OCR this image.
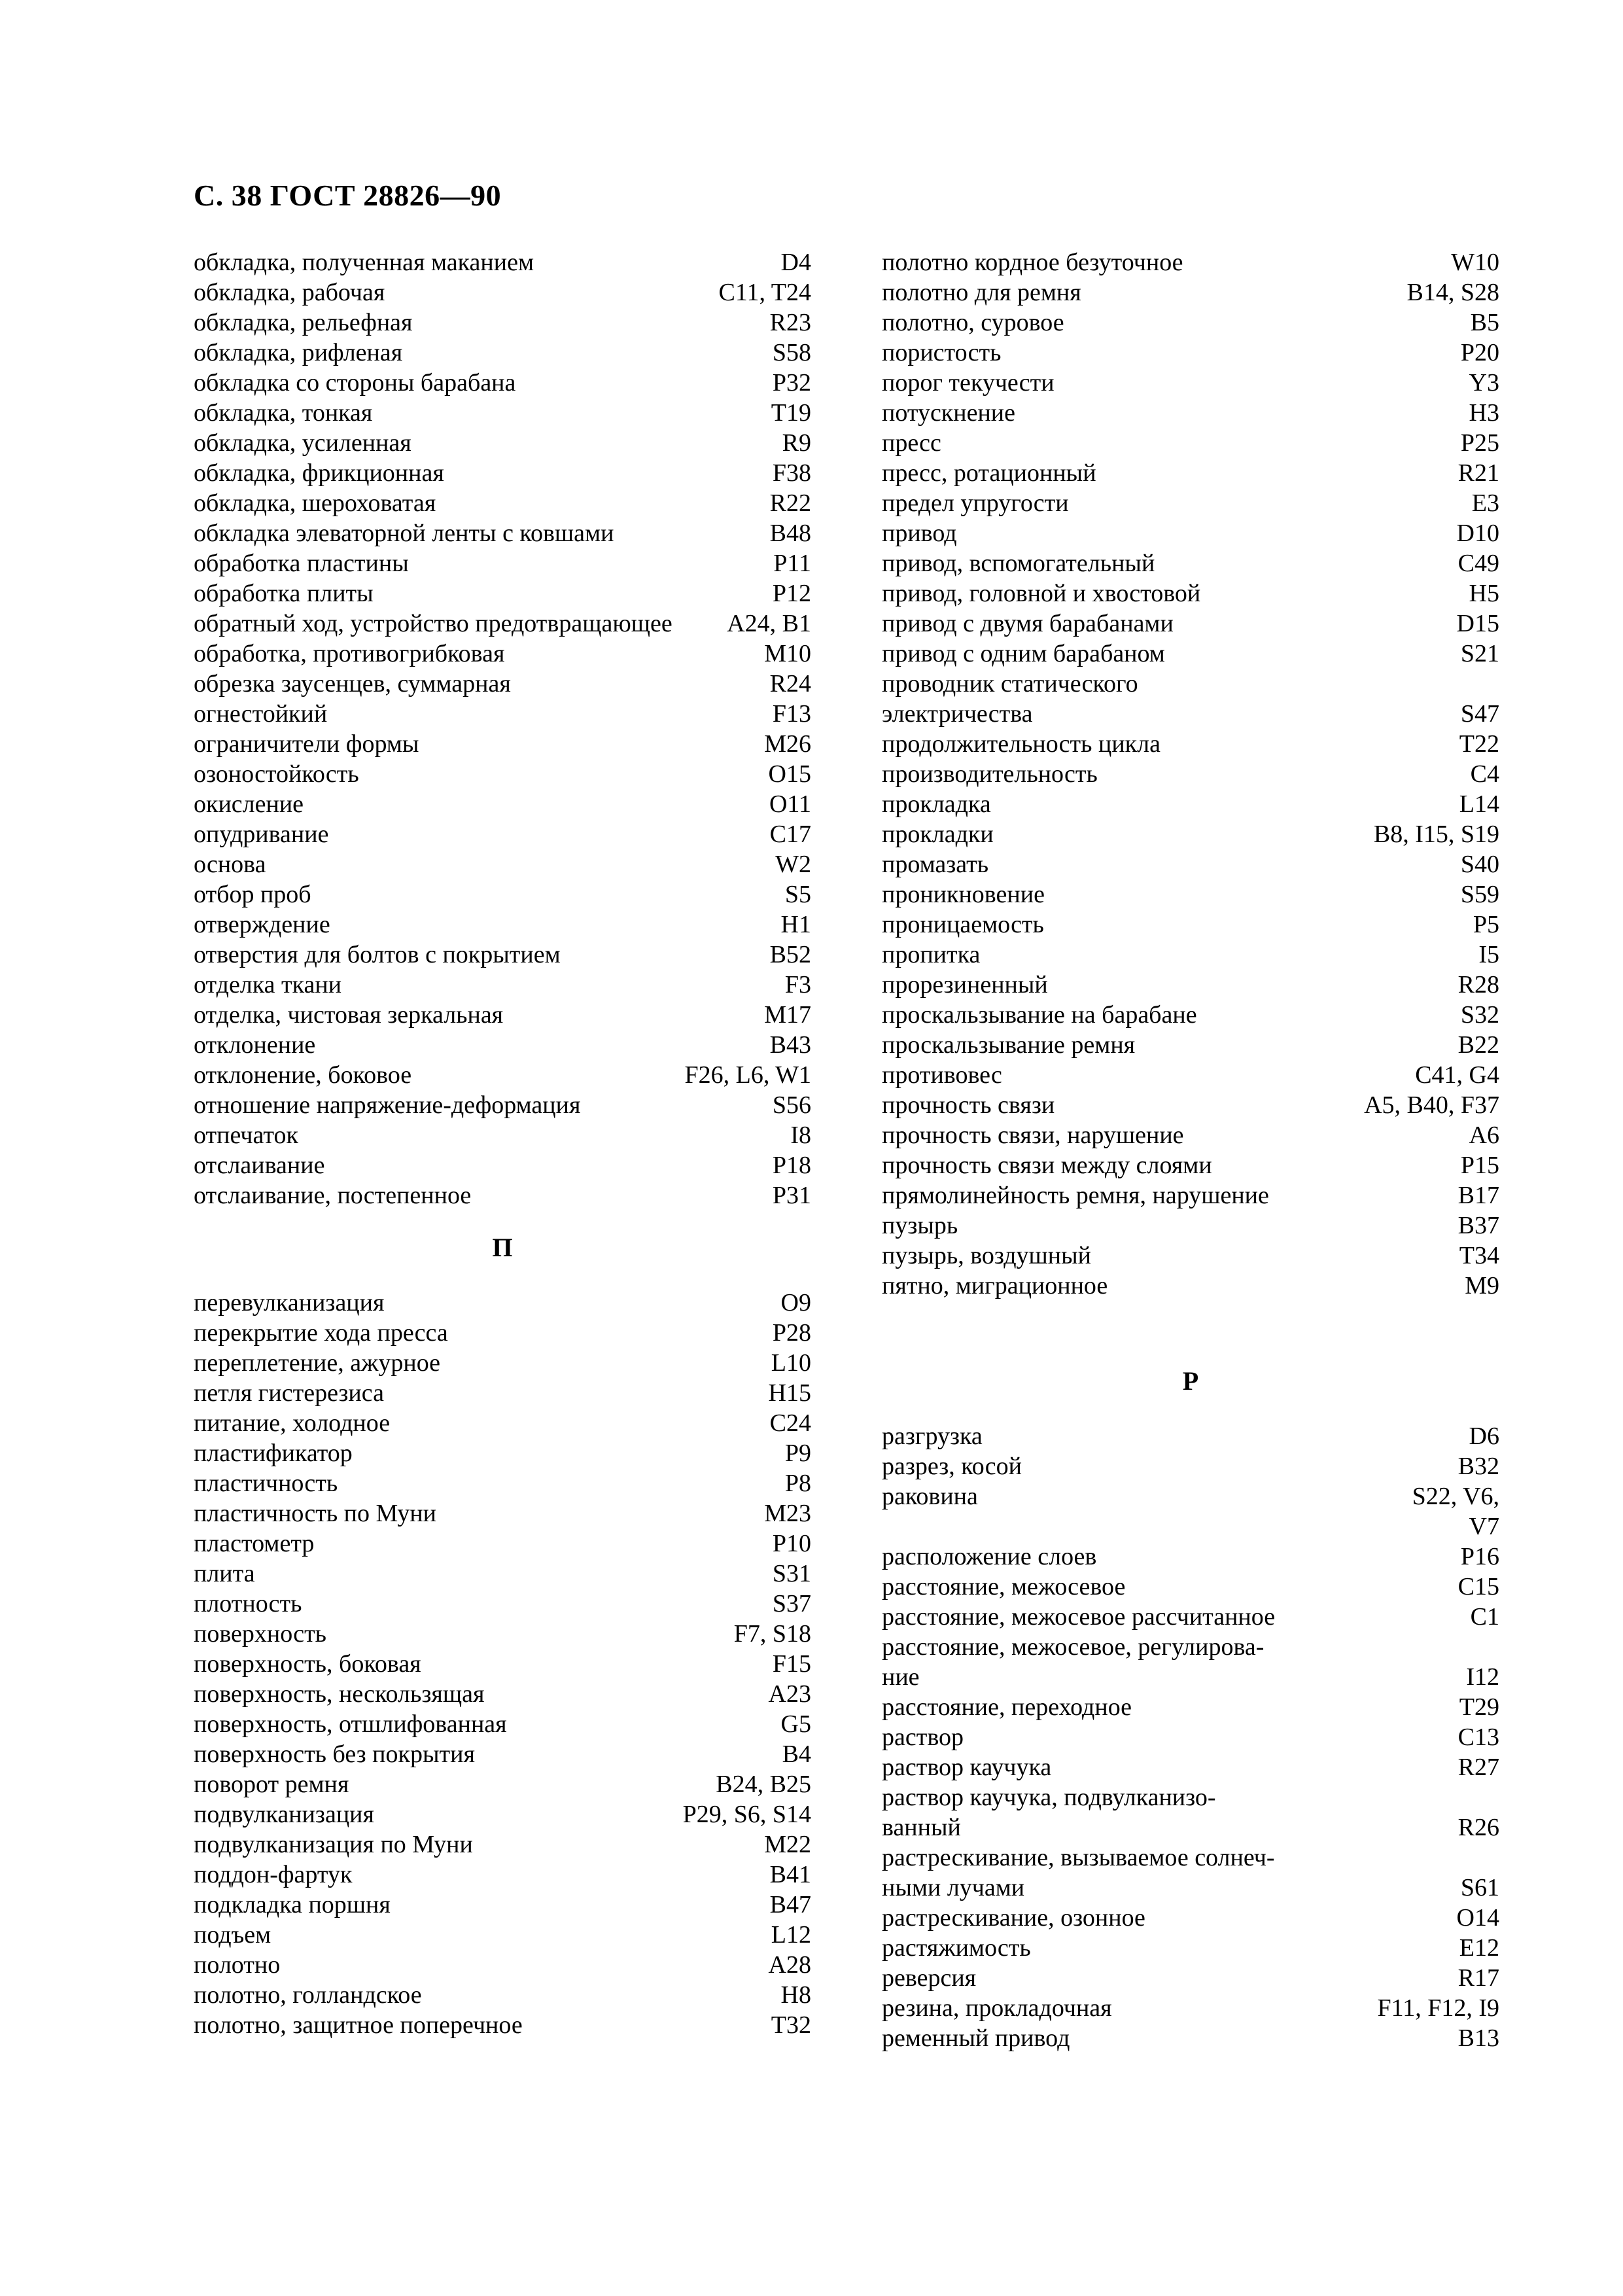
С. 38 ГОСТ 28826—90
обкладка, полученная маканием	D4
обкладка, рабочая	C11, T24
обкладка, рельефная	R23
обкладка, рифленая	S58
обкладка со стороны барабана	P32
обкладка, тонкая	T19
обкладка, усиленная	R9
обкладка, фрикционная	F38
обкладка, шероховатая	R22
обкладка элеваторной ленты с ковшами	B48
обработка пластины	P11
обработка плиты	P12
обратный ход, устройство предотвращающее	A24, B1
обработка, противогрибковая	M10
обрезка заусенцев, суммарная	R24
огнестойкий	F13
ограничители формы	M26
озоностойкость	O15
окисление	O11
опудривание	C17
основа	W2
отбор проб	S5
отверждение	H1
отверстия для болтов с покрытием	B52
отделка ткани	F3
отделка, чистовая зеркальная	M17
отклонение	B43
отклонение, боковое	F26, L6, W1
отношение напряжение-деформация	S56
отпечаток	I8
отслаивание	P18
отслаивание, постепенное	P31
П
перевулканизация	O9
перекрытие хода пресса	P28
переплетение, ажурное	L10
петля гистерезиса	H15
питание, холодное	C24
пластификатор	P9
пластичность	P8
пластичность по Муни	M23
пластометр	P10
плита	S31
плотность	S37
поверхность	F7, S18
поверхность, боковая	F15
поверхность, нескользящая	A23
поверхность, отшлифованная	G5
поверхность без покрытия	B4
поворот ремня	B24, B25
подвулканизация	P29, S6, S14
подвулканизация по Муни	M22
поддон-фартук	B41
подкладка поршня	B47
подъем	L12
полотно	A28
полотно, голландское	H8
полотно, защитное поперечное	T32
полотно кордное безуточное	W10
полотно для ремня	B14, S28
полотно, суровое	B5
пористость	P20
порог текучести	Y3
потускнение	H3
пресс	P25
пресс, ротационный	R21
предел упругости	E3
привод	D10
привод, вспомогательный	C49
привод, головной и хвостовой	H5
привод с двумя барабанами	D15
привод с одним барабаном	S21
проводник статического
электричества	S47
продолжительность цикла	T22
производительность	C4
прокладка	L14
прокладки	B8, I15, S19
промазать	S40
проникновение	S59
проницаемость	P5
пропитка	I5
прорезиненный	R28
проскальзывание на барабане	S32
проскальзывание ремня	B22
противовес	C41, G4
прочность связи	A5, B40, F37
прочность связи, нарушение	A6
прочность связи между слоями	P15
прямолинейность ремня, нарушение	B17
пузырь	B37
пузырь, воздушный	T34
пятно, миграционное	M9
Р
разгрузка	D6
разрез, косой	B32
раковина	S22, V6,
V7
расположение слоев	P16
расстояние, межосевое	C15
расстояние, межосевое рассчитанное	C1
расстояние, межосевое, регулирова-
ние	I12
расстояние, переходное	T29
раствор	C13
раствор каучука	R27
раствор каучука, подвулканизо-
ванный	R26
растрескивание, вызываемое солнеч-
ными лучами	S61
растрескивание, озонное	O14
растяжимость	E12
реверсия	R17
резина, прокладочная	F11, F12, I9
ременный привод	B13
